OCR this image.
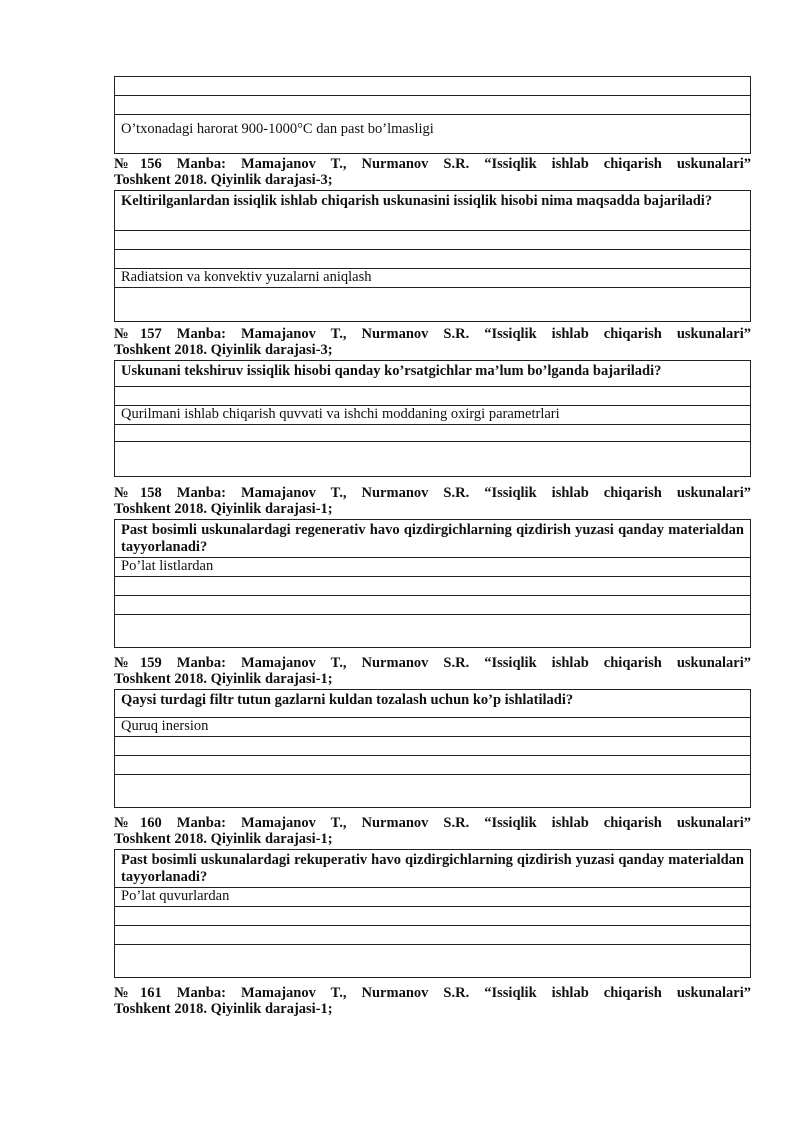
O’txonadagi harorat 900-1000°C dan past bo’lmasligi
№156 Manba: Mamajanov T., Nurmanov S.R. “Issiqlik ishlab chiqarish uskunalari”
Toshkent 2018. Qiyinlik darajasi-3;
Keltirilganlardan issiqlik ishlab chiqarish uskunasini issiqlik hisobi nima maqsadda bajariladi?

Radiatsion va konvektiv yuzalarni aniqlash

№157 Manba: Mamajanov T., Nurmanov S.R. “Issiqlik ishlab chiqarish uskunalari”
Toshkent 2018. Qiyinlik darajasi-3;
Uskunani tekshiruv issiqlik hisobi qanday ko’rsatgichlar ma’lum bo’lganda bajariladi?

Qurilmani ishlab chiqarish quvvati va ishchi moddaning oxirgi parametrlari

№158 Manba: Mamajanov T., Nurmanov S.R. “Issiqlik ishlab chiqarish uskunalari”
Toshkent 2018. Qiyinlik darajasi-1;
Past bosimli uskunalardagi regenerativ havo qizdirgichlarning qizdirish yuzasi qanday materialdan tayyorlanadi?
Po’lat listlardan

№159 Manba: Mamajanov T., Nurmanov S.R. “Issiqlik ishlab chiqarish uskunalari”
Toshkent 2018. Qiyinlik darajasi-1;
Qaysi turdagi filtr tutun gazlarni kuldan tozalash uchun ko’p ishlatiladi?
Quruq inersion

№160 Manba: Mamajanov T., Nurmanov S.R. “Issiqlik ishlab chiqarish uskunalari”
Toshkent 2018. Qiyinlik darajasi-1;
Past bosimli uskunalardagi rekuperativ havo qizdirgichlarning qizdirish yuzasi qanday materialdan tayyorlanadi?
Po’lat quvurlardan

№161 Manba: Mamajanov T., Nurmanov S.R. “Issiqlik ishlab chiqarish uskunalari”
Toshkent 2018. Qiyinlik darajasi-1;
